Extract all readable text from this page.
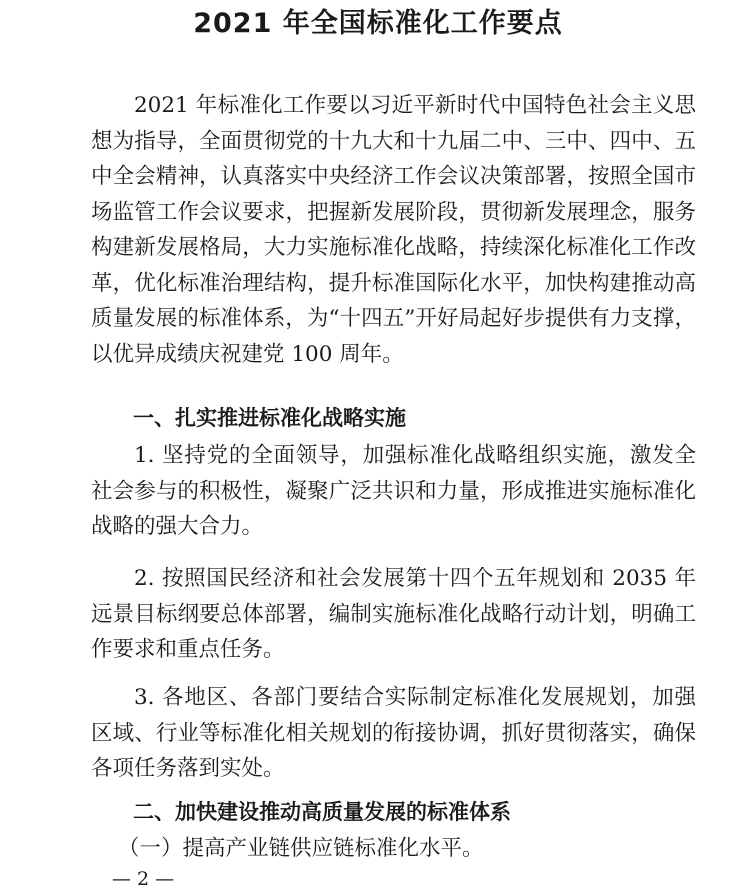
2021 年全国标准化工作要点

2021 年标准化工作要以习近平新时代中国特色社会主义思想为指导，全面贯彻党的十九大和十九届二中、三中、四中、五中全会精神，认真落实中央经济工作会议决策部署，按照全国市场监管工作会议要求，把握新发展阶段，贯彻新发展理念，服务构建新发展格局，大力实施标准化战略，持续深化标准化工作改革，优化标准治理结构，提升标准国际化水平，加快构建推动高质量发展的标准体系，为“十四五”开好局起好步提供有力支撑，以优异成绩庆祝建党 100 周年。

一、扎实推进标准化战略实施

1. 坚持党的全面领导，加强标准化战略组织实施，激发全社会参与的积极性，凝聚广泛共识和力量，形成推进实施标准化战略的强大合力。

2. 按照国民经济和社会发展第十四个五年规划和 2035 年远景目标纲要总体部署，编制实施标准化战略行动计划，明确工作要求和重点任务。

3. 各地区、各部门要结合实际制定标准化发展规划，加强区域、行业等标准化相关规划的衔接协调，抓好贯彻落实，确保各项任务落到实处。

二、加快建设推动高质量发展的标准体系

（一）提高产业链供应链标准化水平。

— 2 —
